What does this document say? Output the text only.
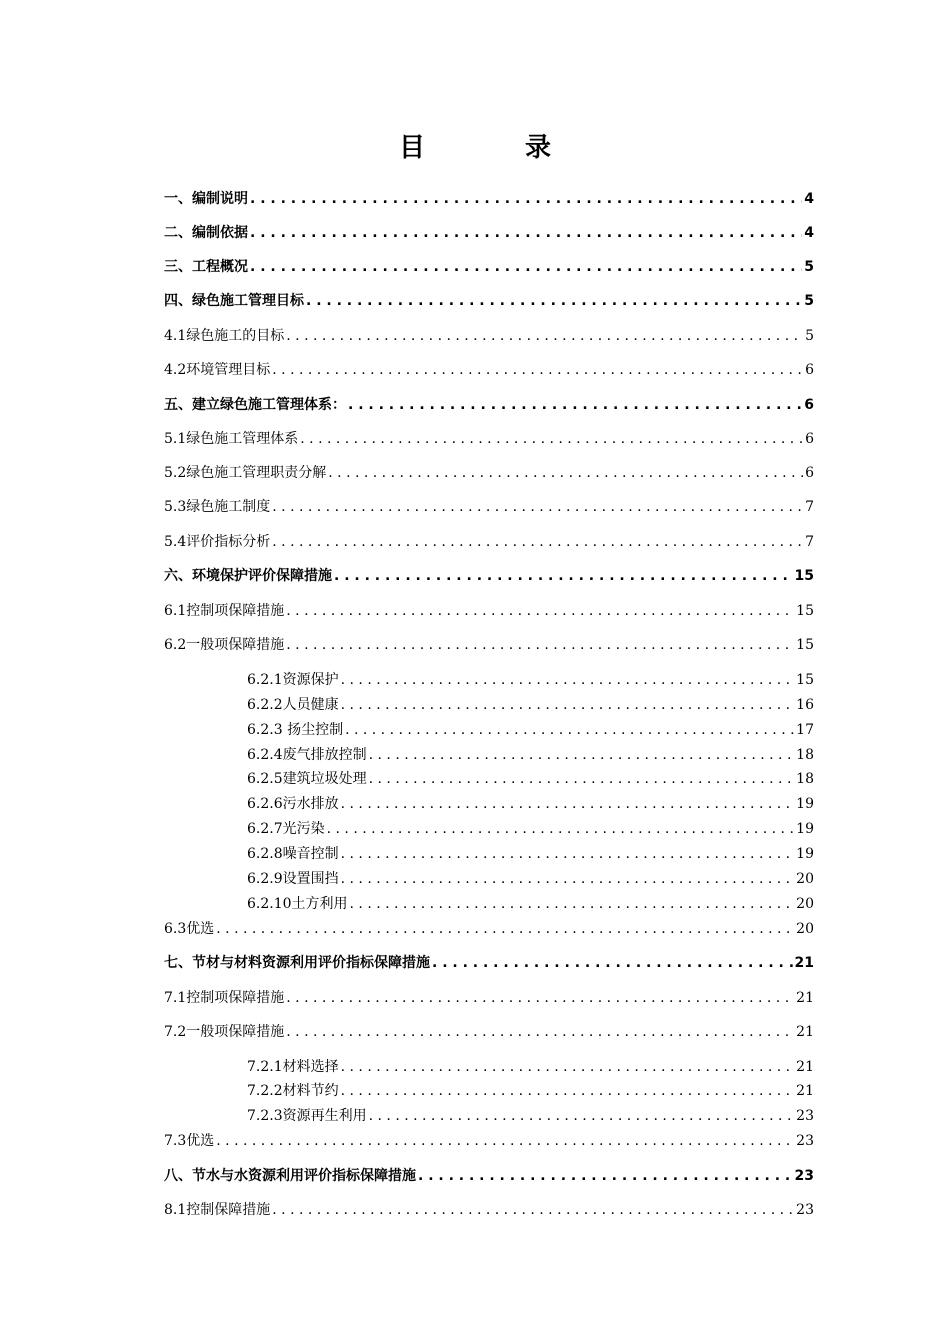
目	录
一、编制说明 . . .	4
二、编制依据 . . .	4
三、工程概况 . . .	5
四、绿色施工管理目标 . . .	5
4.1绿色施工的目标 . . .	5
4.2环境管理目标 . . .	6
五、建立绿色施工管理体系： . . .	6
5.1绿色施工管理体系 . . .	6
5.2绿色施工管理职责分解 . . .	6
5.3绿色施工制度 . . .	7
5.4评价指标分析 . . .	7
六、环境保护评价保障措施 . . .	15
6.1控制项保障措施 . . .	15
6.2一般项保障措施 . . .	15
6.2.1资源保护 . . .	15
6.2.2人员健康 . . .	16
6.2.3 扬尘控制 . . .	17
6.2.4废气排放控制 . . .	18
6.2.5建筑垃圾处理 . . .	18
6.2.6污水排放 . . .	19
6.2.7光污染 . . .	19
6.2.8噪音控制 . . .	19
6.2.9设置围挡 . . .	20
6.2.10土方利用 . . .	20
6.3优选 . . .	20
七、节材与材料资源利用评价指标保障措施 . . .	21
7.1控制项保障措施 . . .	21
7.2一般项保障措施 . . .	21
7.2.1材料选择 . . .	21
7.2.2材料节约 . . .	21
7.2.3资源再生利用 . . .	23
7.3优选 . . .	23
八、节水与水资源利用评价指标保障措施 . . .	23
8.1控制保障措施 . . .	23
